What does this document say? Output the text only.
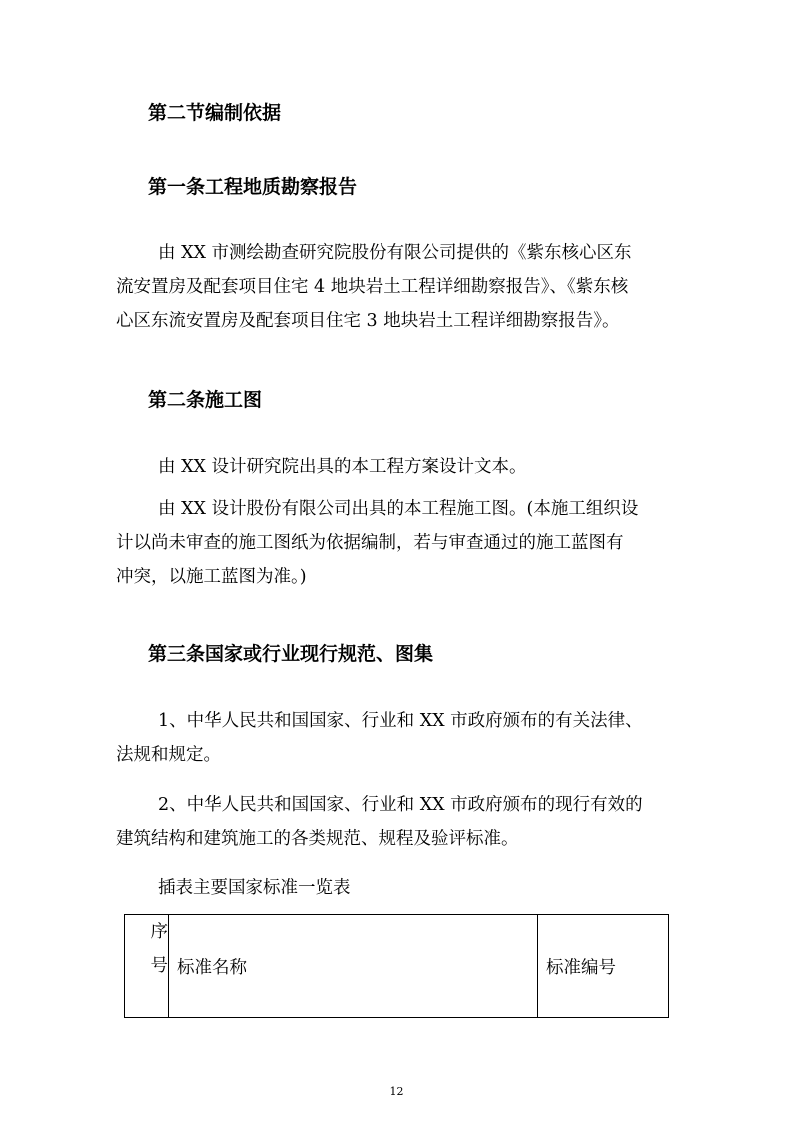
第二节编制依据
第一条工程地质勘察报告
由 XX 市测绘勘查研究院股份有限公司提供的《紫东核心区东
流安置房及配套项目住宅 4 地块岩土工程详细勘察报告》、《紫东核
心区东流安置房及配套项目住宅 3 地块岩土工程详细勘察报告》。
第二条施工图
由 XX 设计研究院出具的本工程方案设计文本。
由 XX 设计股份有限公司出具的本工程施工图。(本施工组织设
计以尚未审查的施工图纸为依据编制，若与审查通过的施工蓝图有
冲突，以施工蓝图为准。)
第三条国家或行业现行规范、图集
1、中华人民共和国国家、行业和 XX 市政府颁布的有关法律、
法规和规定。
2、中华人民共和国国家、行业和 XX 市政府颁布的现行有效的
建筑结构和建筑施工的各类规范、规程及验评标准。
插表主要国家标准一览表
序
号	标准名称	标准编号
12
